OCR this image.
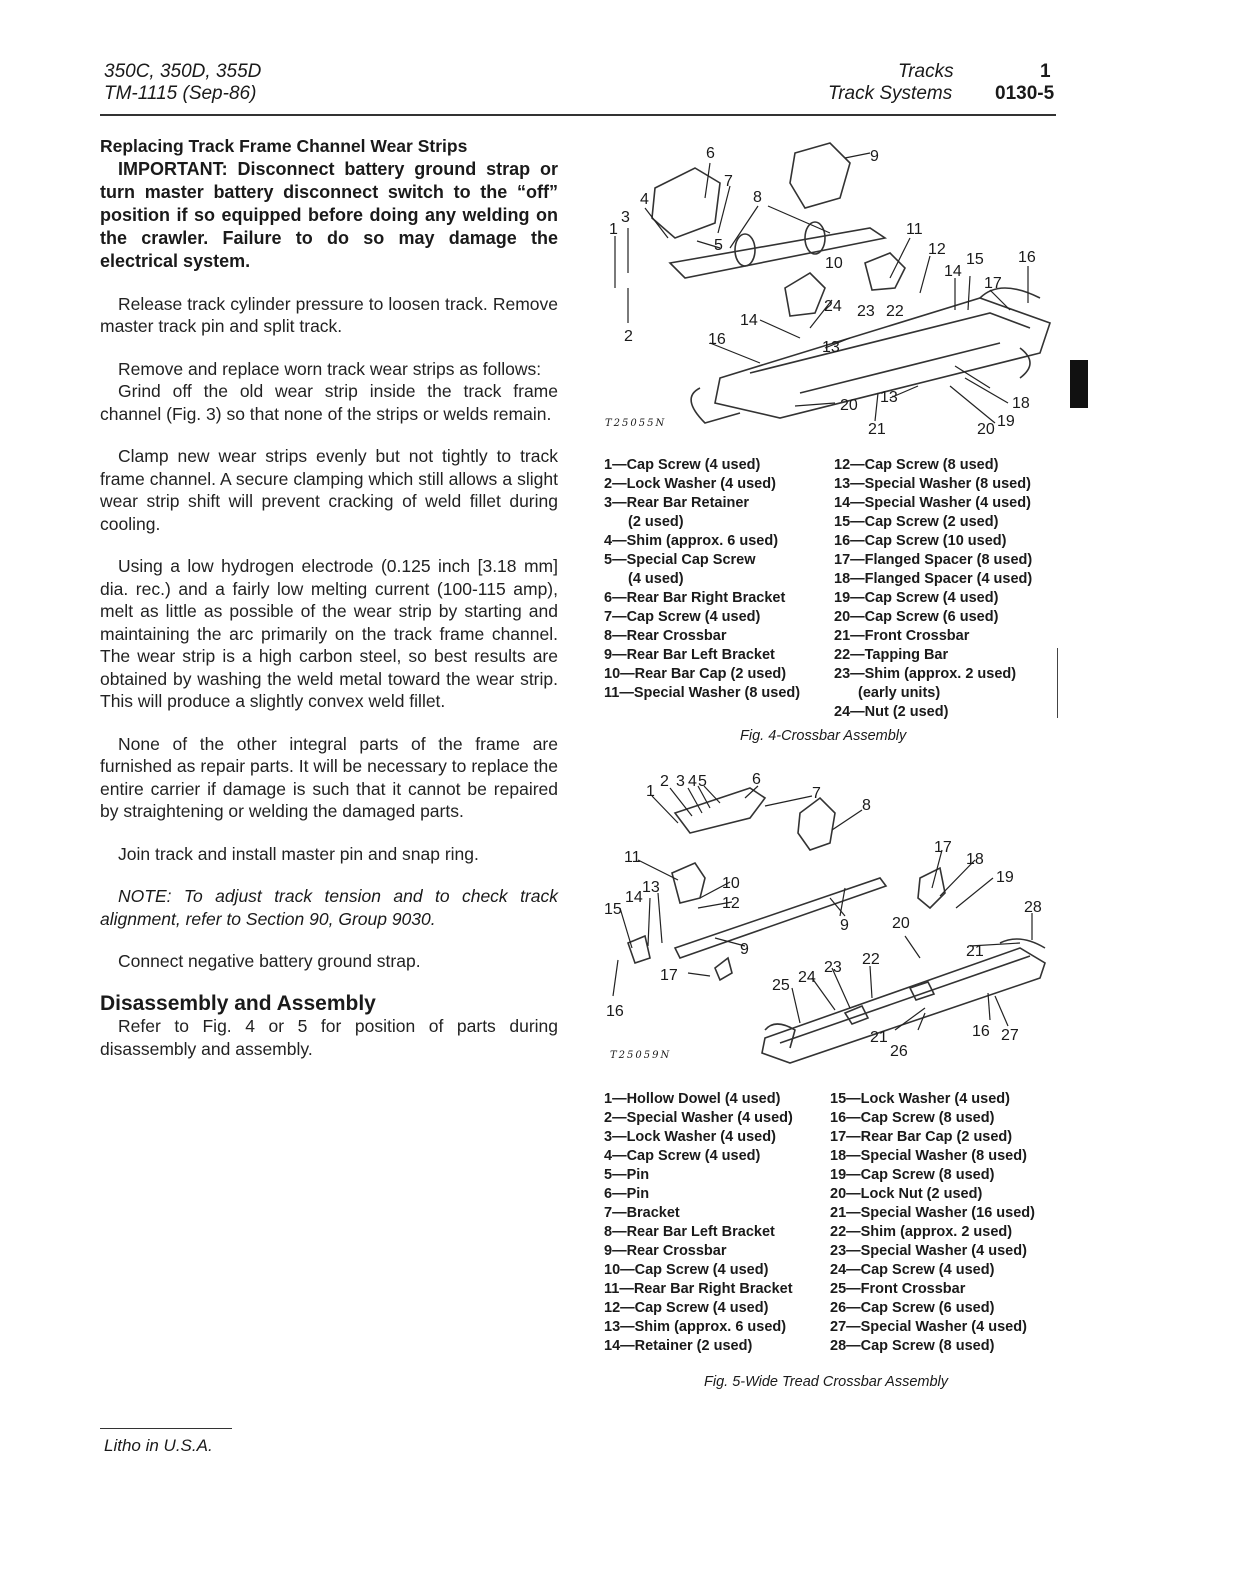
350C, 350D, 355D
TM-1115 (Sep-86)
Tracks
Track Systems
1
0130-5

Replacing Track Frame Channel Wear Strips

IMPORTANT: Disconnect battery ground strap or turn master battery disconnect switch to the “off” position if so equipped before doing any welding on the crawler. Failure to do so may damage the electrical system.

Release track cylinder pressure to loosen track. Remove master track pin and split track.

Remove and replace worn track wear strips as follows:

Grind off the old wear strip inside the track frame channel (Fig. 3) so that none of the strips or welds remain.

Clamp new wear strips evenly but not tightly to track frame channel. A secure clamping which still allows a slight wear strip shift will prevent cracking of weld fillet during cooling.

Using a low hydrogen electrode (0.125 inch [3.18 mm] dia. rec.) and a fairly low melting current (100-115 amp), melt as little as possible of the wear strip by starting and maintaining the arc primarily on the track frame channel. The wear strip is a high carbon steel, so best results are obtained by washing the weld metal toward the wear strip. This will produce a slightly convex weld fillet.

None of the other integral parts of the frame are furnished as repair parts. It will be necessary to replace the entire carrier if damage is such that it cannot be repaired by straightening or welding the damaged parts.

Join track and install master pin and snap ring.

NOTE: To adjust track tension and to check track alignment, refer to Section 90, Group 9030.

Connect negative battery ground strap.

Disassembly and Assembly

Refer to Fig. 4 or 5 for position of parts during disassembly and assembly.

1
2
3
4
5
6
7
8
9
10
11
12
13
13
14
14
15
16
16
17
18
19
20
20
21
22
23
24
T25055N
1—Cap Screw (4 used)
2—Lock Washer (4 used)
3—Rear Bar Retainer
(2 used)
4—Shim (approx. 6 used)
5—Special Cap Screw
(4 used)
6—Rear Bar Right Bracket
7—Cap Screw (4 used)
8—Rear Crossbar
9—Rear Bar Left Bracket
10—Rear Bar Cap (2 used)
11—Special Washer (8 used)
12—Cap Screw (8 used)
13—Special Washer (8 used)
14—Special Washer (4 used)
15—Cap Screw (2 used)
16—Cap Screw (10 used)
17—Flanged Spacer (8 used)
18—Flanged Spacer (4 used)
19—Cap Screw (4 used)
20—Cap Screw (6 used)
21—Front Crossbar
22—Tapping Bar
23—Shim (approx. 2 used)
(early units)
24—Nut (2 used)
Fig. 4-Crossbar Assembly
1
2 3 4 5	6
7
8
9
9
10
11
12
13
14
15
16
16
17
17
18
19
20
21
21
22
23
24
25
26
27
28
T25059N
1—Hollow Dowel (4 used)
2—Special Washer (4 used)
3—Lock Washer (4 used)
4—Cap Screw (4 used)
5—Pin
6—Pin
7—Bracket
8—Rear Bar Left Bracket
9—Rear Crossbar
10—Cap Screw (4 used)
11—Rear Bar Right Bracket
12—Cap Screw (4 used)
13—Shim (approx. 6 used)
14—Retainer (2 used)
15—Lock Washer (4 used)
16—Cap Screw (8 used)
17—Rear Bar Cap (2 used)
18—Special Washer (8 used)
19—Cap Screw (8 used)
20—Lock Nut (2 used)
21—Special Washer (16 used)
22—Shim (approx. 2 used)
23—Special Washer (4 used)
24—Cap Screw (4 used)
25—Front Crossbar
26—Cap Screw (6 used)
27—Special Washer (4 used)
28—Cap Screw (8 used)
Fig. 5-Wide Tread Crossbar Assembly
Litho in U.S.A.
